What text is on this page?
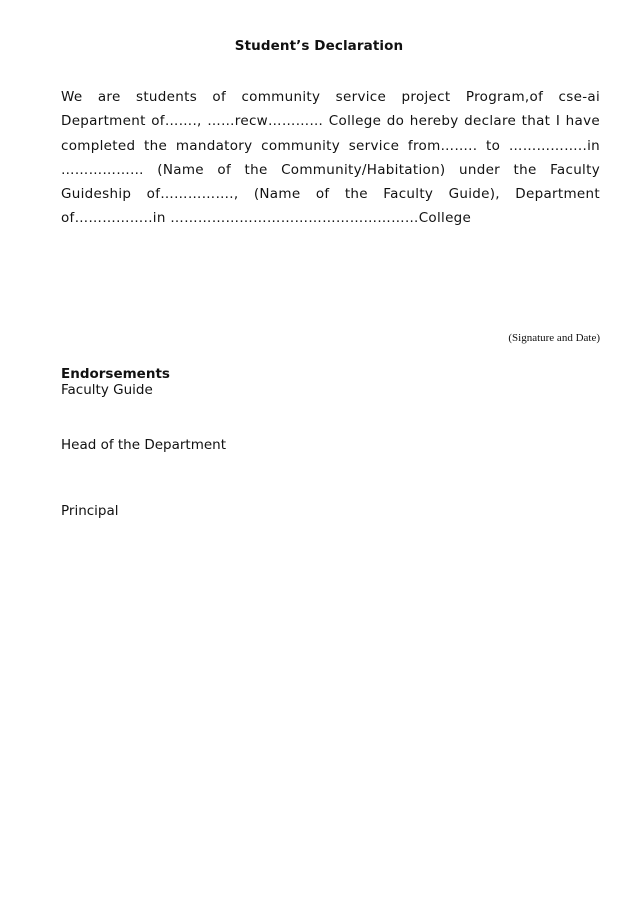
Student’s Declaration
We are students of community service project Program,of cse-ai
Department of……., ……recw………… College do hereby declare that I have
completed the mandatory community service from…….. to ……………..in
……………… (Name of the Community/Habitation) under the Faculty
Guideship of……………., (Name of the Faculty Guide), Department
of……………..in ………………………………………………College
(Signature and Date)
Endorsements
Faculty Guide
Head of the Department
Principal
